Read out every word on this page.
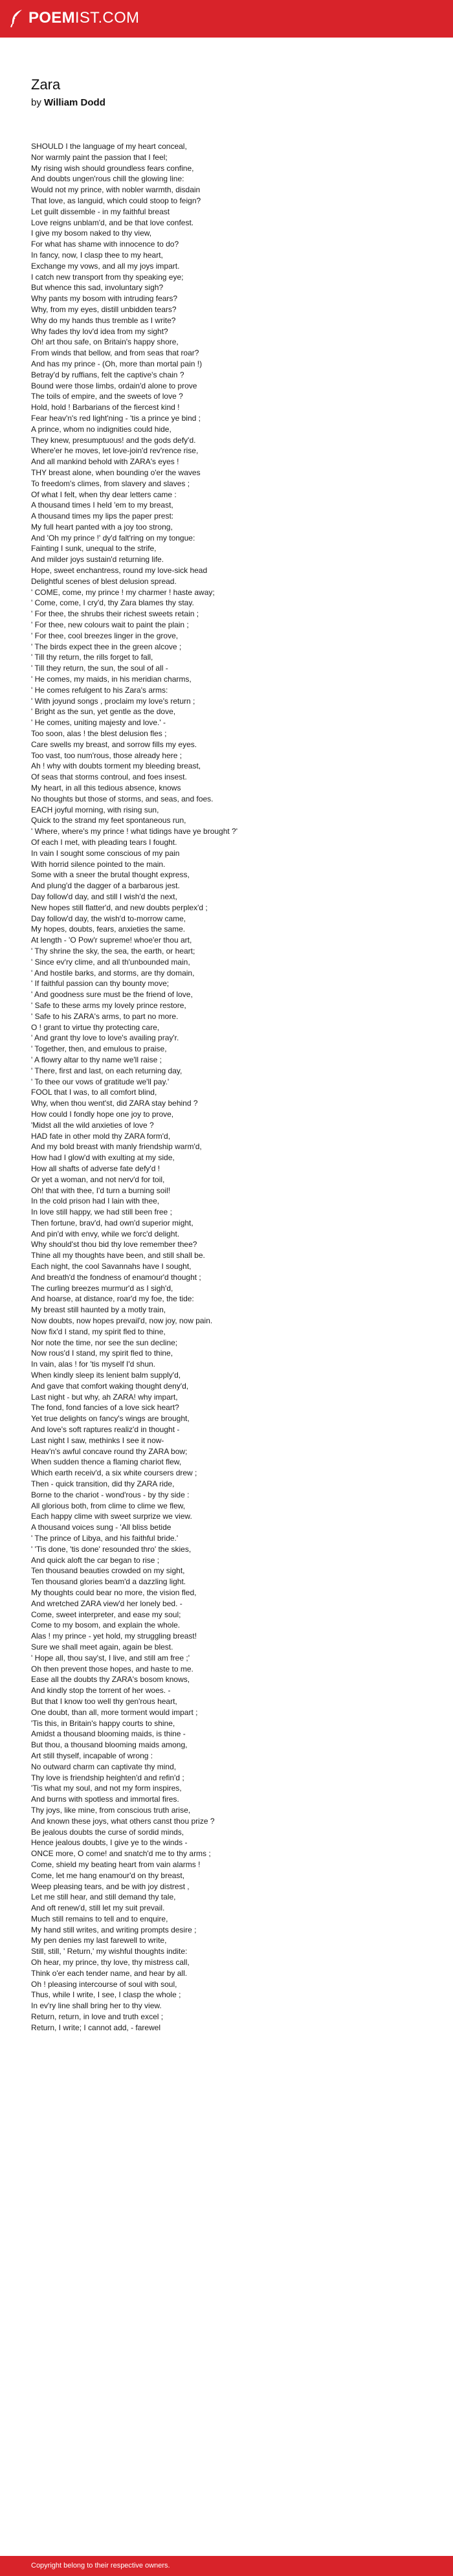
POEMIST.COM
Zara
by William Dodd
SHOULD I the language of my heart conceal,
Nor warmly paint the passion that I feel;
My rising wish should groundless fears confine,
And doubts ungen'rous chill the glowing line:
Would not my prince, with nobler warmth, disdain
That love, as languid, which could stoop to feign?
Let guilt dissemble - in my faithful breast
Love reigns unblam'd, and be that love confest.
I give my bosom naked to thy view,
For what has shame with innocence to do?
In fancy, now, I clasp thee to my heart,
Exchange my vows, and all my joys impart.
I catch new transport from thy speaking eye;
But whence this sad, involuntary sigh?
Why pants my bosom with intruding fears?
Why, from my eyes, distill unbidden tears?
Why do my hands thus tremble as I write?
Why fades thy lov'd idea from my sight?
Oh! art thou safe, on Britain's happy shore,
From winds that bellow, and from seas that roar?
And has my prince - (Oh, more than mortal pain !)
Betray'd by ruffians, felt the captive's chain ?
Bound were those limbs, ordain'd alone to prove
The toils of empire, and the sweets of love ?
Hold, hold ! Barbarians of the fiercest kind !
Fear heav'n's red light'ning - 'tis a prince ye bind ;
A prince, whom no indignities could hide,
They knew, presumptuous! and the gods defy'd.
Where'er he moves, let love-join'd rev'rence rise,
And all mankind behold with ZARA's eyes !
THY breast alone, when bounding o'er the waves
To freedom's climes, from slavery and slaves ;
Of what I felt, when thy dear letters came :
A thousand times I held 'em to my breast,
A thousand times my lips the paper prest:
My full heart panted with a joy too strong,
And 'Oh my prince !' dy'd falt'ring on my tongue:
Fainting I sunk, unequal to the strife,
And milder joys sustain'd returning life.
Hope, sweet enchantress, round my love-sick head
Delightful scenes of blest delusion spread.
' COME, come, my prince ! my charmer ! haste away;
' Come, come, I cry'd, thy Zara blames thy stay.
' For thee, the shrubs their richest sweets retain ;
' For thee, new colours wait to paint the plain ;
' For thee, cool breezes linger in the grove,
' The birds expect thee in the green alcove ;
' Till thy return, the rills forget to fall,
' Till they return, the sun, the soul of all -
' He comes, my maids, in his meridian charms,
' He comes refulgent to his Zara's arms:
' With joyund songs , proclaim my love's return ;
' Bright as the sun, yet gentle as the dove,
' He comes, uniting majesty and love.' -
Too soon, alas ! the blest delusion fles ;
Care swells my breast, and sorrow fills my eyes.
Too vast, too num'rous, those already here ;
Ah ! why with doubts torment my bleeding breast,
Of seas that storms controul, and foes insest.
My heart, in all this tedious absence, knows
No thoughts but those of storms, and seas, and foes.
EACH joyful morning, with rising sun,
Quick to the strand my feet spontaneous run,
' Where, where's my prince ! what tidings have ye brought ?'
Of each I met, with pleading tears I fought.
In vain I sought some conscious of my pain
With horrid silence pointed to the main.
Some with a sneer the brutal thought express,
And plung'd the dagger of a barbarous jest.
Day follow'd day, and still I wish'd the next,
New hopes still flatter'd, and new doubts perplex'd ;
Day follow'd day, the wish'd to-morrow came,
My hopes, doubts, fears, anxieties the same.
At length - 'O Pow'r supreme! whoe'er thou art,
' Thy shrine the sky, the sea, the earth, or heart;
' Since ev'ry clime, and all th'unbounded main,
' And hostile barks, and storms, are thy domain,
' If faithful passion can thy bounty move;
' And goodness sure must be the friend of love,
' Safe to these arms my lovely prince restore,
' Safe to his ZARA's arms, to part no more.
O ! grant to virtue thy protecting care,
' And grant thy love to love's availing pray'r.
' Together, then, and emulous to praise,
' A flowry altar to thy name we'll raise ;
' There, first and last, on each returning day,
' To thee our vows of gratitude we'll pay.'
FOOL that I was, to all comfort blind,
Why, when thou went'st, did ZARA stay behind ?
How could I fondly hope one joy to prove,
'Midst all the wild anxieties of love ?
HAD fate in other mold thy ZARA form'd,
And my bold breast with manly friendship warm'd,
How had I glow'd with exulting at my side,
How all shafts of adverse fate defy'd !
Or yet a woman, and not nerv'd for toil,
Oh! that with thee, I'd turn a burning soil!
In the cold prison had I lain with thee,
In love still happy, we had still been free ;
Then fortune, brav'd, had own'd superior might,
And pin'd with envy, while we forc'd delight.
Why should'st thou bid thy love remember thee?
Thine all my thoughts have been, and still shall be.
Each night, the cool Savannahs have I sought,
And breath'd the fondness of enamour'd thought ;
The curling breezes murmur'd as I sigh'd,
And hoarse, at distance, roar'd my foe, the tide:
My breast still haunted by a motly train,
Now doubts, now hopes prevail'd, now joy, now pain.
Now fix'd I stand, my spirit fled to thine,
Nor note the time, nor see the sun decline;
Now rous'd I stand, my spirit fled to thine,
In vain, alas ! for 'tis myself I'd shun.
When kindly sleep its lenient balm supply'd,
And gave that comfort waking thought deny'd,
Last night - but why, ah ZARA! why impart,
The fond, fond fancies of a love sick heart?
Yet true delights on fancy's wings are brought,
And love's soft raptures realiz'd in thought -
Last night I saw, methinks I see it now-
Heav'n's awful concave round thy ZARA bow;
When sudden thence a flaming chariot flew,
Which earth receiv'd, a six white coursers drew ;
Then - quick transition, did thy ZARA ride,
Borne to the chariot - wond'rous - by thy side :
All glorious both, from clime to clime we flew,
Each happy clime with sweet surprize we view.
A thousand voices sung - 'All bliss betide
' The prince of Libya, and his faithful bride.'
' 'Tis done, 'tis done' resounded thro' the skies,
And quick aloft the car began to rise ;
Ten thousand beauties crowded on my sight,
Ten thousand glories beam'd a dazzling light.
My thoughts could bear no more, the vision fled,
And wretched ZARA view'd her lonely bed. -
Come, sweet interpreter, and ease my soul;
Come to my bosom, and explain the whole.
Alas ! my prince - yet hold, my struggling breast!
Sure we shall meet again, again be blest.
' Hope all, thou say'st, I live, and still am free ;'
Oh then prevent those hopes, and haste to me.
Ease all the doubts thy ZARA's bosom knows,
And kindly stop the torrent of her woes. -
But that I know too well thy gen'rous heart,
One doubt, than all, more torment would impart ;
'Tis this, in Britain's happy courts to shine,
Amidst a thousand blooming maids, is thine -
But thou, a thousand blooming maids among,
Art still thyself, incapable of wrong :
No outward charm can captivate thy mind,
Thy love is friendship heighten'd and refin'd ;
'Tis what my soul, and not my form inspires,
And burns with spotless and immortal fires.
Thy joys, like mine, from conscious truth arise,
And known these joys, what others canst thou prize ?
Be jealous doubts the curse of sordid minds,
Hence jealous doubts, I give ye to the winds -
ONCE more, O come! and snatch'd me to thy arms ;
Come, shield my beating heart from vain alarms !
Come, let me hang enamour'd on thy breast,
Weep pleasing tears, and be with joy distrest ,
Let me still hear, and still demand thy tale,
And oft renew'd, still let my suit prevail.
Much still remains to tell and to enquire,
My hand still writes, and writing prompts desire ;
My pen denies my last farewell to write,
Still, still, ' Return,' my wishful thoughts indite:
Oh hear, my prince, thy love, thy mistress call,
Think o'er each tender name, and hear by all.
Oh ! pleasing intercourse of soul with soul,
Thus, while I write, I see, I clasp the whole ;
In ev'ry line shall bring her to thy view.
Return, return, in love and truth excel ;
Return, I write; I cannot add, - farewel
Copyright belong to their respective owners.
